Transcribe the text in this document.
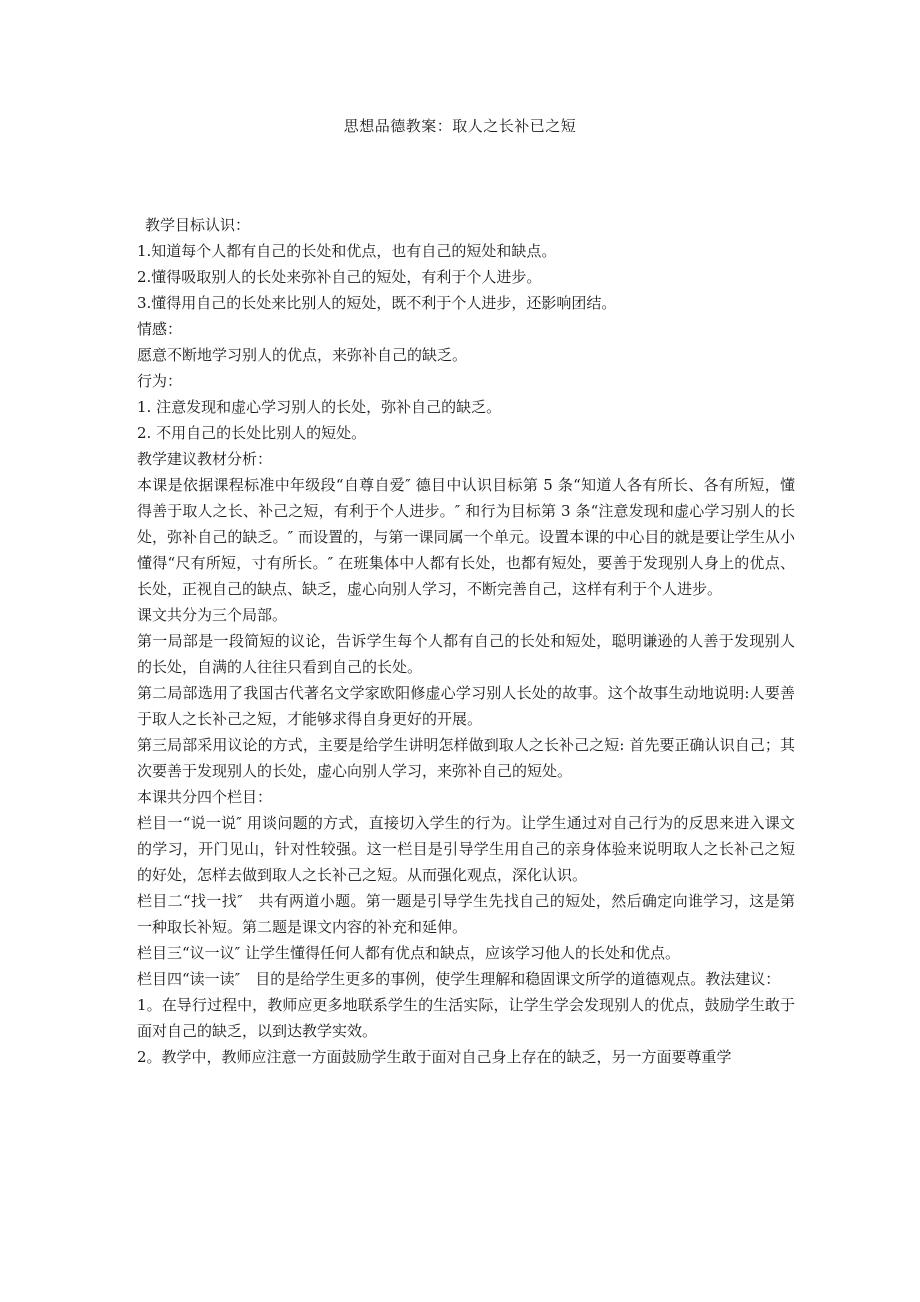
思想品德教案：取人之长补已之短

教学目标认识：

1.知道每个人都有自己的长处和优点，也有自己的短处和缺点。

2.懂得吸取别人的长处来弥补自己的短处，有利于个人进步。

3.懂得用自己的长处来比别人的短处，既不利于个人进步，还影响团结。

情感：

愿意不断地学习别人的优点，来弥补自己的缺乏。

行为：

1. 注意发现和虚心学习别人的长处，弥补自己的缺乏。

2. 不用自己的长处比别人的短处。

教学建议教材分析：

本课是依据课程标准中年级段“自尊自爱″ 德目中认识目标第 5 条“知道人各有所长、各有所短，懂得善于取人之长、补己之短，有利于个人进步。″ 和行为目标第 3 条“注意发现和虚心学习别人的长处，弥补自己的缺乏。″ 而设置的，与第一课同属一个单元。设置本课的中心目的就是要让学生从小懂得“尺有所短，寸有所长。″ 在班集体中人都有长处，也都有短处，要善于发现别人身上的优点、长处，正视自己的缺点、缺乏，虚心向别人学习，不断完善自己，这样有利于个人进步。

课文共分为三个局部。

第一局部是一段简短的议论，告诉学生每个人都有自己的长处和短处，聪明谦逊的人善于发现别人的长处，自满的人往往只看到自己的长处。

第二局部选用了我国古代著名文学家欧阳修虚心学习别人长处的故事。这个故事生动地说明:人要善于取人之长补己之短，才能够求得自身更好的开展。

第三局部采用议论的方式，主要是给学生讲明怎样做到取人之长补己之短: 首先要正确认识自己；其次要善于发现别人的长处，虚心向别人学习，来弥补自己的短处。

本课共分四个栏目：

栏目一“说一说″ 用谈问题的方式，直接切入学生的行为。让学生通过对自己行为的反思来进入课文的学习，开门见山，针对性较强。这一栏目是引导学生用自己的亲身体验来说明取人之长补己之短的好处，怎样去做到取人之长补己之短。从而强化观点，深化认识。

栏目二“找一找″　共有两道小题。第一题是引导学生先找自己的短处，然后确定向谁学习，这是第一种取长补短。第二题是课文内容的补充和延伸。

栏目三“议一议″ 让学生懂得任何人都有优点和缺点，应该学习他人的长处和优点。

栏目四“读一读″　目的是给学生更多的事例，使学生理解和稳固课文所学的道德观点。教法建议：

1。在导行过程中，教师应更多地联系学生的生活实际，让学生学会发现别人的优点，鼓励学生敢于面对自己的缺乏，以到达教学实效。

2。教学中，教师应注意一方面鼓励学生敢于面对自己身上存在的缺乏，另一方面要尊重学
